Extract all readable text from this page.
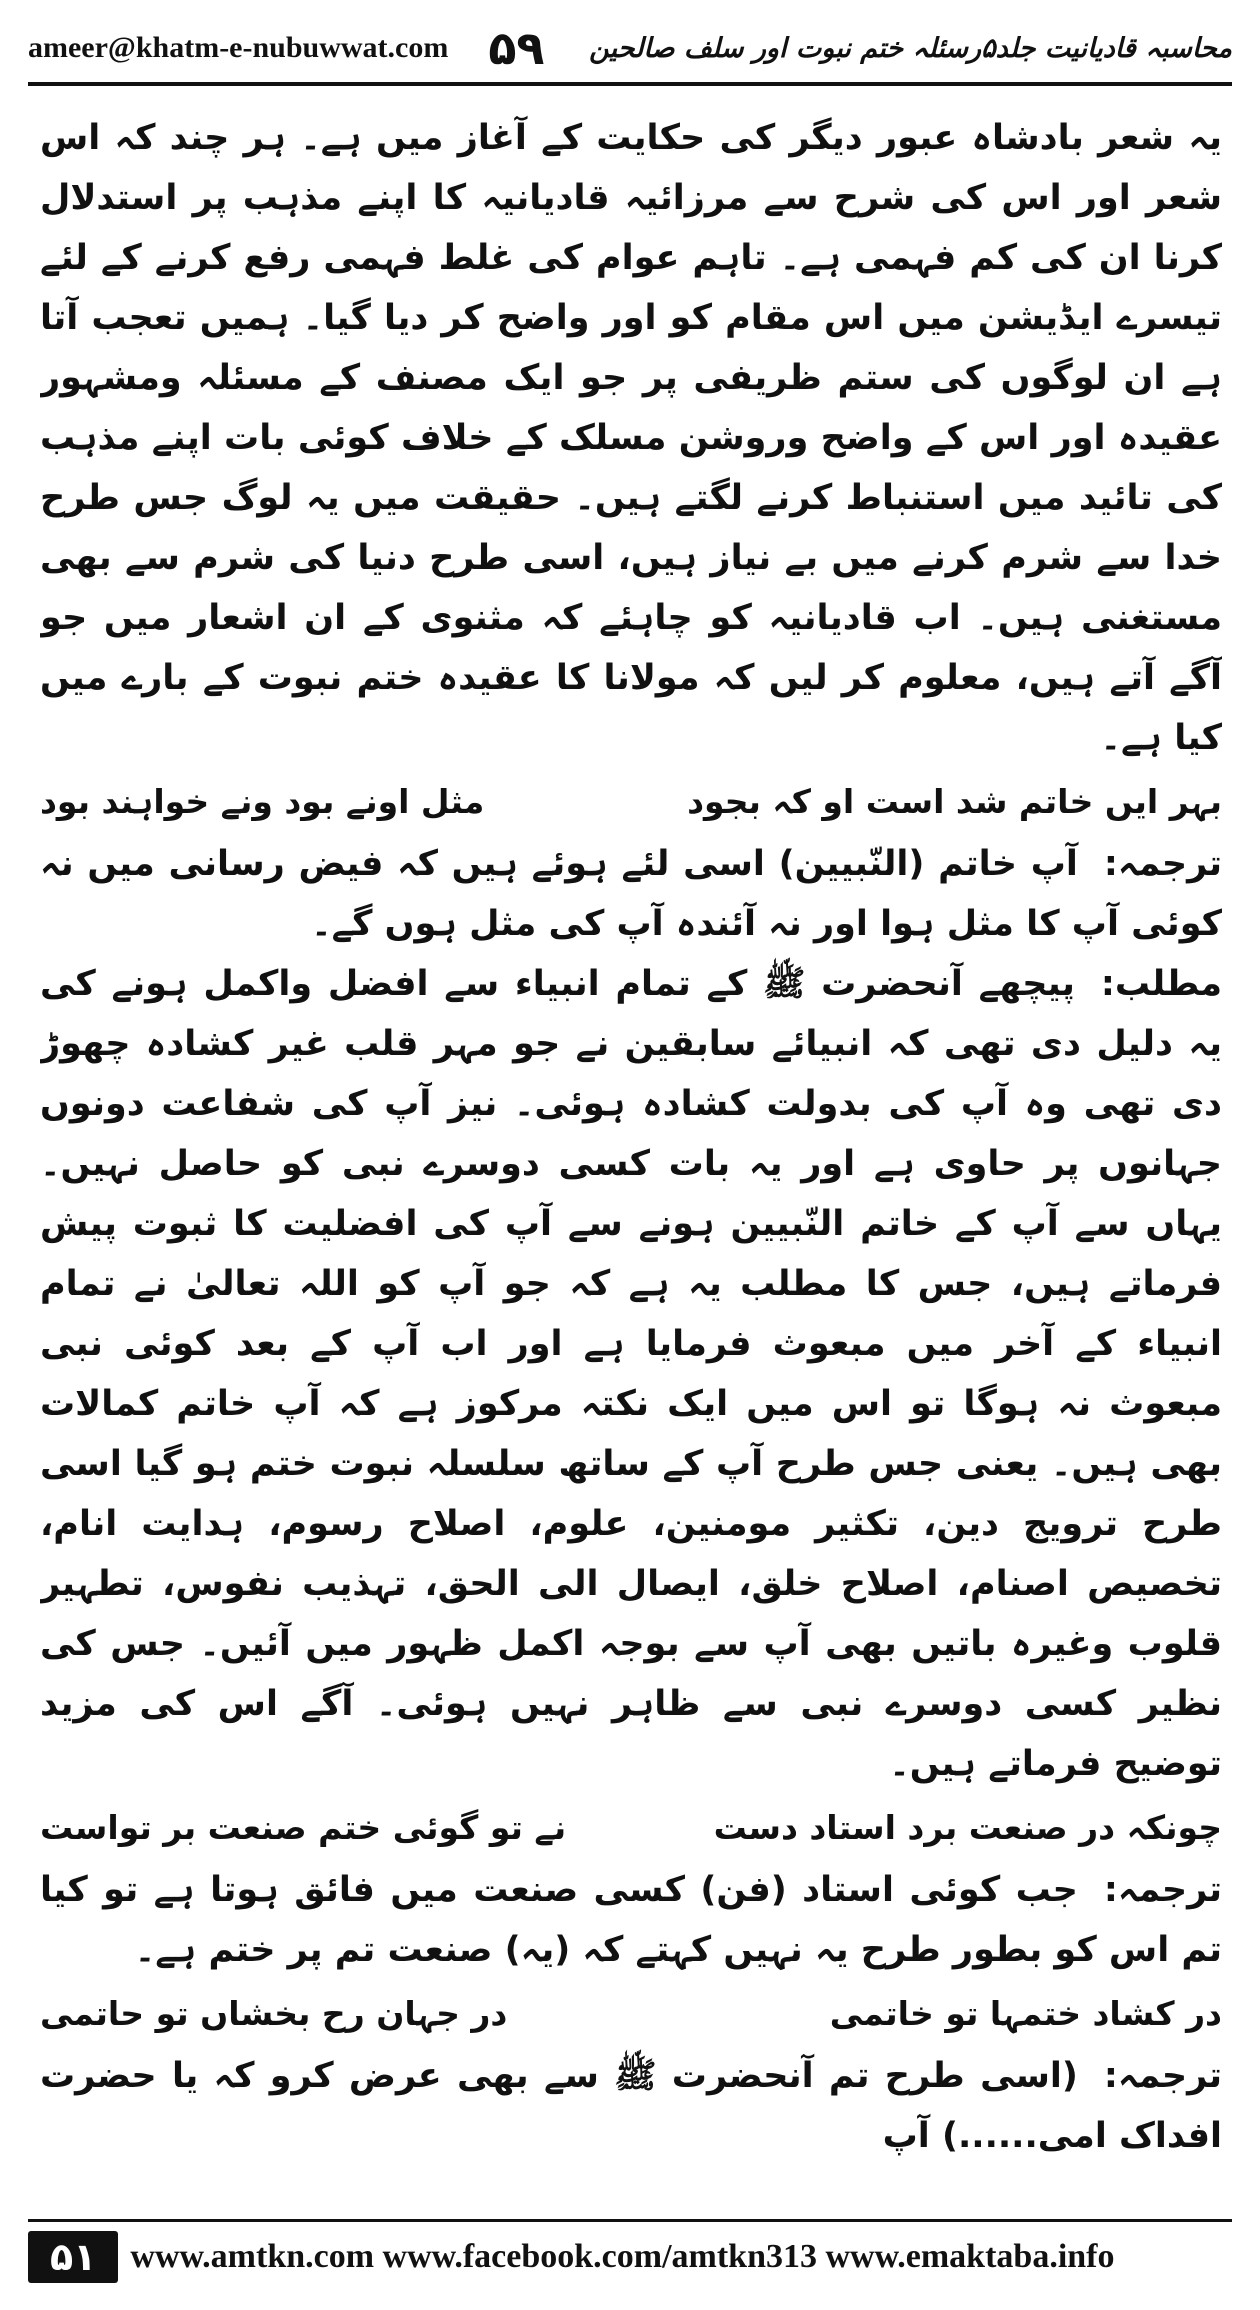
ameer@khatm-e-nubuwwat.com ۵۹	محاسبہ قادیانیت جلد۵رسئلہ ختم نبوت اور سلف صالحین

یہ شعر بادشاہ عبور دیگر کی حکایت کے آغاز میں ہے۔ ہر چند کہ اس شعر اور اس کی شرح سے مرزائیہ قادیانیہ کا اپنے مذہب پر استدلال کرنا ان کی کم فہمی ہے۔ تاہم عوام کی غلط فہمی رفع کرنے کے لئے تیسرے ایڈیشن میں اس مقام کو اور واضح کر دیا گیا۔ ہمیں تعجب آتا ہے ان لوگوں کی ستم ظریفی پر جو ایک مصنف کے مسئلہ ومشہور عقیدہ اور اس کے واضح وروشن مسلک کے خلاف کوئی بات اپنے مذہب کی تائید میں استنباط کرنے لگتے ہیں۔ حقیقت میں یہ لوگ جس طرح خدا سے شرم کرنے میں بے نیاز ہیں، اسی طرح دنیا کی شرم سے بھی مستغنی ہیں۔ اب قادیانیہ کو چاہئے کہ مثنوی کے ان اشعار میں جو آگے آتے ہیں، معلوم کر لیں کہ مولانا کا عقیدہ ختم نبوت کے بارے میں کیا ہے۔

بہر ایں خاتم شد است او کہ بجود
مثل اونے بود ونے خواہند بود

ترجمہ:آپ خاتم (النّبیین) اسی لئے ہوئے ہیں کہ فیض رسانی میں نہ کوئی آپ کا مثل ہوا اور نہ آئندہ آپ کی مثل ہوں گے۔

مطلب:پیچھے آنحضرت ﷺ کے تمام انبیاء سے افضل واکمل ہونے کی یہ دلیل دی تھی کہ انبیائے سابقین نے جو مہر قلب غیر کشادہ چھوڑ دی تھی وہ آپ کی بدولت کشادہ ہوئی۔ نیز آپ کی شفاعت دونوں جہانوں پر حاوی ہے اور یہ بات کسی دوسرے نبی کو حاصل نہیں۔ یہاں سے آپ کے خاتم النّبیین ہونے سے آپ کی افضلیت کا ثبوت پیش فرماتے ہیں، جس کا مطلب یہ ہے کہ جو آپ کو اللہ تعالیٰ نے تمام انبیاء کے آخر میں مبعوث فرمایا ہے اور اب آپ کے بعد کوئی نبی مبعوث نہ ہوگا تو اس میں ایک نکتہ مرکوز ہے کہ آپ خاتم کمالات بھی ہیں۔ یعنی جس طرح آپ کے ساتھ سلسلہ نبوت ختم ہو گیا اسی طرح ترویج دین، تکثیر مومنین، علوم، اصلاح رسوم، ہدایت انام، تخصیص اصنام، اصلاح خلق، ایصال الی الحق، تہذیب نفوس، تطہیر قلوب وغیرہ باتیں بھی آپ سے بوجہ اکمل ظہور میں آئیں۔ جس کی نظیر کسی دوسرے نبی سے ظاہر نہیں ہوئی۔ آگے اس کی مزید توضیح فرماتے ہیں۔

چونکہ در صنعت برد استاد دست
نے تو گوئی ختم صنعت بر تواست

ترجمہ:جب کوئی استاد (فن) کسی صنعت میں فائق ہوتا ہے تو کیا تم اس کو بطور طرح یہ نہیں کہتے کہ (یہ) صنعت تم پر ختم ہے۔

در کشاد ختمہا تو خاتمی
در جہان رح بخشاں تو حاتمی

ترجمہ:(اسی طرح تم آنحضرت ﷺ سے بھی عرض کرو کہ یا حضرت افداک امی......) آپ

۵۱	www.amtkn.com www.facebook.com/amtkn313 www.emaktaba.info
